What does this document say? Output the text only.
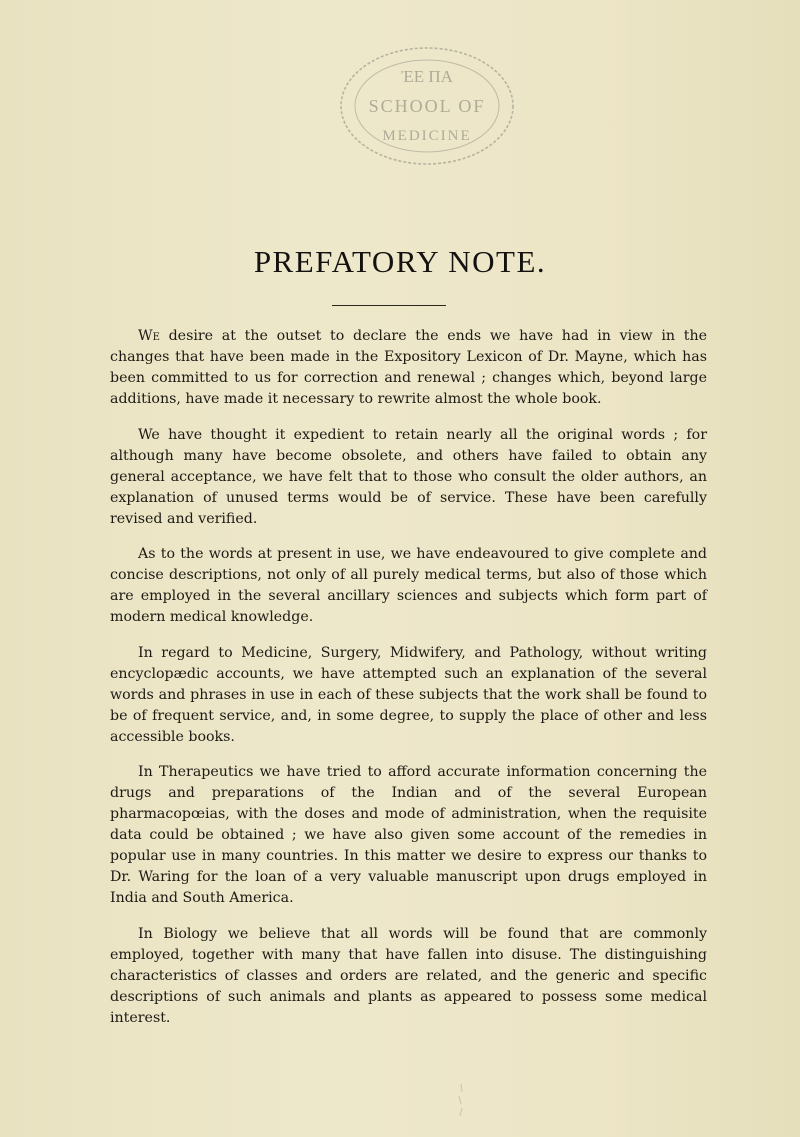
ἘΕ ΠΑ
SCHOOL OF
MEDICINE
PREFATORY NOTE.

We desire at the outset to declare the ends we have had in view in the changes that have been made in the Expository Lexicon of Dr. Mayne, which has been committed to us for correction and renewal ; changes which, beyond large additions, have made it necessary to rewrite almost the whole book.

We have thought it expedient to retain nearly all the original words ; for although many have become obsolete, and others have failed to obtain any general acceptance, we have felt that to those who consult the older authors, an explanation of unused terms would be of service. These have been carefully revised and verified.

As to the words at present in use, we have endeavoured to give complete and concise descriptions, not only of all purely medical terms, but also of those which are employed in the several ancillary sciences and subjects which form part of modern medical knowledge.

In regard to Medicine, Surgery, Midwifery, and Pathology, without writing encyclopædic accounts, we have attempted such an explanation of the several words and phrases in use in each of these subjects that the work shall be found to be of frequent service, and, in some degree, to supply the place of other and less accessible books.

In Therapeutics we have tried to afford accurate information concerning the drugs and preparations of the Indian and of the several European pharmacopœias, with the doses and mode of administration, when the requisite data could be obtained ; we have also given some account of the remedies in popular use in many countries. In this matter we desire to express our thanks to Dr. Waring for the loan of a very valuable manuscript upon drugs employed in India and South America.

In Biology we believe that all words will be found that are commonly employed, together with many that have fallen into disuse. The distinguishing characteristics of classes and orders are related, and the generic and specific descriptions of such animals and plants as appeared to possess some medical interest.
